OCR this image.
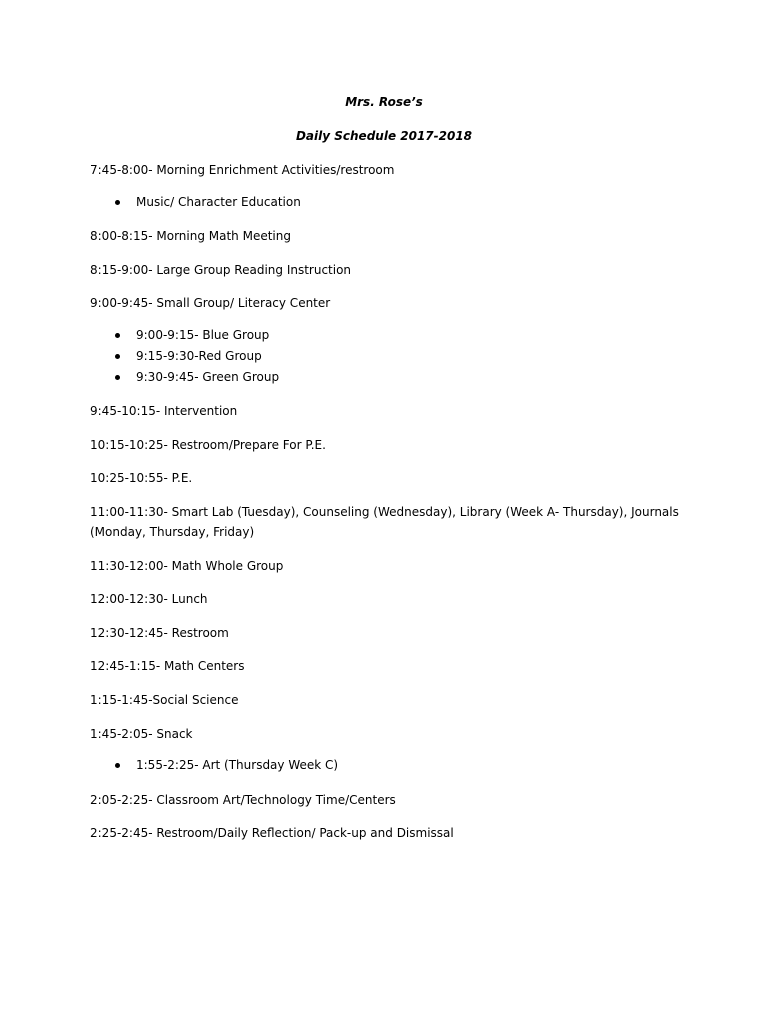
Mrs. Rose’s

Daily Schedule 2017-2018

7:45-8:00- Morning Enrichment Activities/restroom

Music/ Character Education

8:00-8:15- Morning Math Meeting

8:15-9:00- Large Group Reading Instruction

9:00-9:45- Small Group/ Literacy Center

9:00-9:15- Blue Group
9:15-9:30-Red Group
9:30-9:45- Green Group

9:45-10:15- Intervention

10:15-10:25- Restroom/Prepare For P.E.

10:25-10:55- P.E.

11:00-11:30- Smart Lab (Tuesday), Counseling (Wednesday), Library (Week A- Thursday), Journals (Monday, Thursday, Friday)

11:30-12:00- Math Whole Group

12:00-12:30- Lunch

12:30-12:45- Restroom

12:45-1:15- Math Centers

1:15-1:45-Social Science

1:45-2:05- Snack

1:55-2:25- Art (Thursday Week C)

2:05-2:25- Classroom Art/Technology Time/Centers

2:25-2:45- Restroom/Daily Reflection/ Pack-up and Dismissal
